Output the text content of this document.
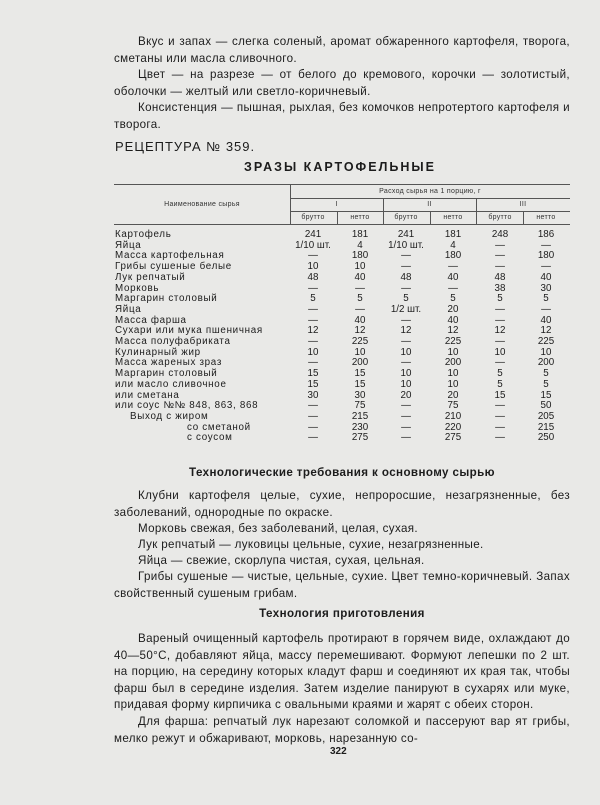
Вкус и запах — слегка соленый, аромат обжаренного картофеля, творога, сметаны или масла сливочного.

Цвет — на разрезе — от белого до кремового, корочки — золотистый, оболочки — желтый или светло-коричневый.

Консистенция — пышная, рыхлая, без комочков непротертого картофеля и творога.

РЕЦЕПТУРА № 359.

ЗРАЗЫ КАРТОФЕЛЬНЫЕ

Наименование сырья
Расход сырья на 1 порцию, г
I	II	III
брутто	нетто	брутто	нетто	брутто	нетто
Картофель	241	181	241	181	248	186
Яйца	1/10 шт.	4	1/10 шт.	4	—	—
Масса картофельная	—	180	—	180	—	180
Грибы сушеные белые	10	10	—	—	—	—
Лук репчатый	48	40	48	40	48	40
Морковь	—	—	—	—	38	30
Маргарин столовый	5	5	5	5	5	5
Яйца	—	—	1/2 шт.	20	—	—
Масса фарша	—	40	—	40	—	40
Сухари или мука пшеничная	12	12	12	12	12	12
Масса полуфабриката	—	225	—	225	—	225
Кулинарный жир	10	10	10	10	10	10
Масса жареных зраз	—	200	—	200	—	200
Маргарин столовый	15	15	10	10	5	5
или масло сливочное	15	15	10	10	5	5
или сметана	30	30	20	20	15	15
или соус №№ 848, 863, 868	—	75	—	75	—	50
Выход с жиром	—	215	—	210	—	205
со сметаной	—	230	—	220	—	215
с соусом	—	275	—	275	—	250

Технологические требования к основному сырью

Клубни картофеля целые, сухие, непроросшие, незагрязненные, без заболеваний, однородные по окраске.

Морковь свежая, без заболеваний, целая, сухая.

Лук репчатый — луковицы цельные, сухие, незагрязненные.

Яйца — свежие, скорлупа чистая, сухая, цельная.

Грибы сушеные — чистые, цельные, сухие. Цвет темно-коричневый. Запах свойственный сушеным грибам.

Технология приготовления

Вареный очищенный картофель протирают в горячем виде, охлаждают до 40—50°С, добавляют яйца, массу перемешивают. Формуют лепешки по 2 шт. на порцию, на середину которых кладут фарш и соединяют их края так, чтобы фарш был в середине изделия. Затем изделие панируют в сухарях или муке, придавая форму кирпичика с овальными краями и жарят с обеих сторон.

Для фарша: репчатый лук нарезают соломкой и пассеруют вар ят грибы, мелко режут и обжаривают, морковь, нарезанную со-

322
